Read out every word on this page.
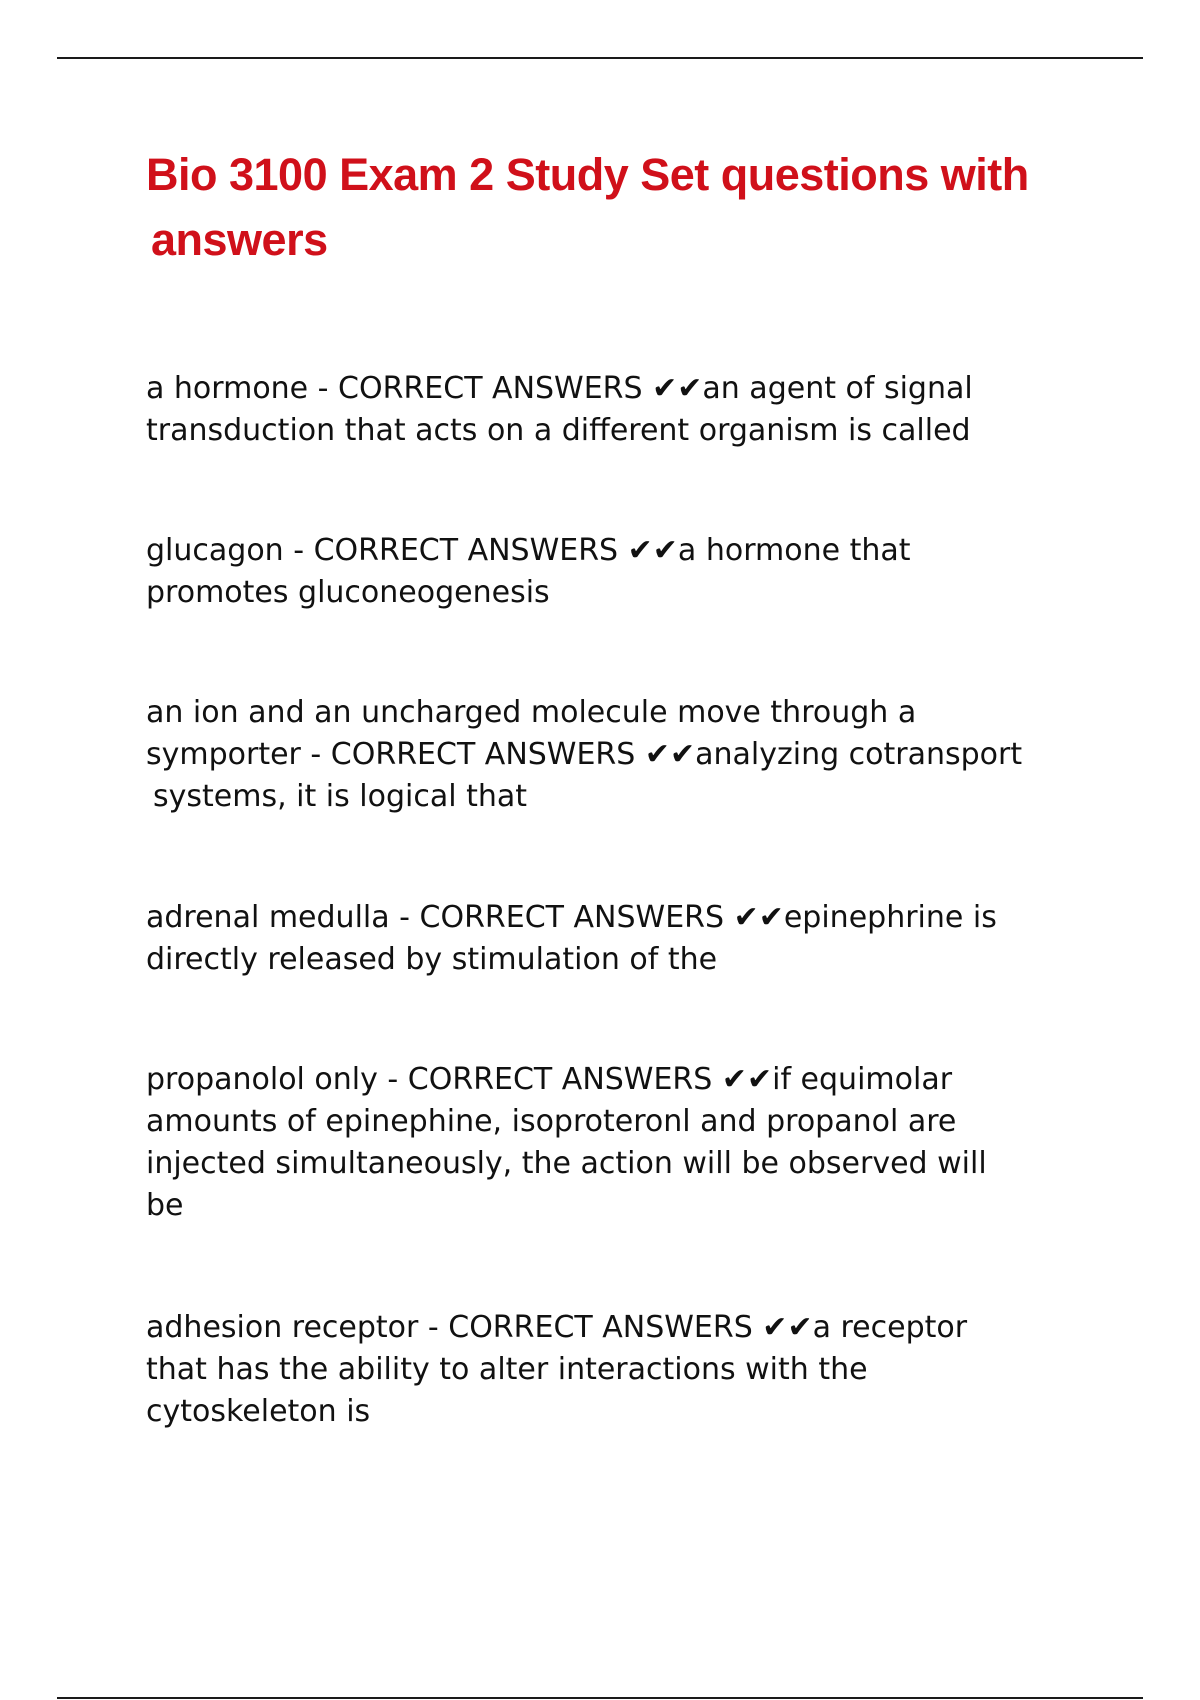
Bio 3100 Exam 2 Study Set questions with
answers

a hormone - CORRECT ANSWERS ✔✔an agent of signal
transduction that acts on a different organism is called

glucagon - CORRECT ANSWERS ✔✔a hormone that
promotes gluconeogenesis

an ion and an uncharged molecule move through a
symporter - CORRECT ANSWERS ✔✔analyzing cotransport
systems, it is logical that

adrenal medulla - CORRECT ANSWERS ✔✔epinephrine is
directly released by stimulation of the

propanolol only - CORRECT ANSWERS ✔✔if equimolar
amounts of epinephine, isoproteronl and propanol are
injected simultaneously, the action will be observed will
be

adhesion receptor - CORRECT ANSWERS ✔✔a receptor
that has the ability to alter interactions with the
cytoskeleton is
